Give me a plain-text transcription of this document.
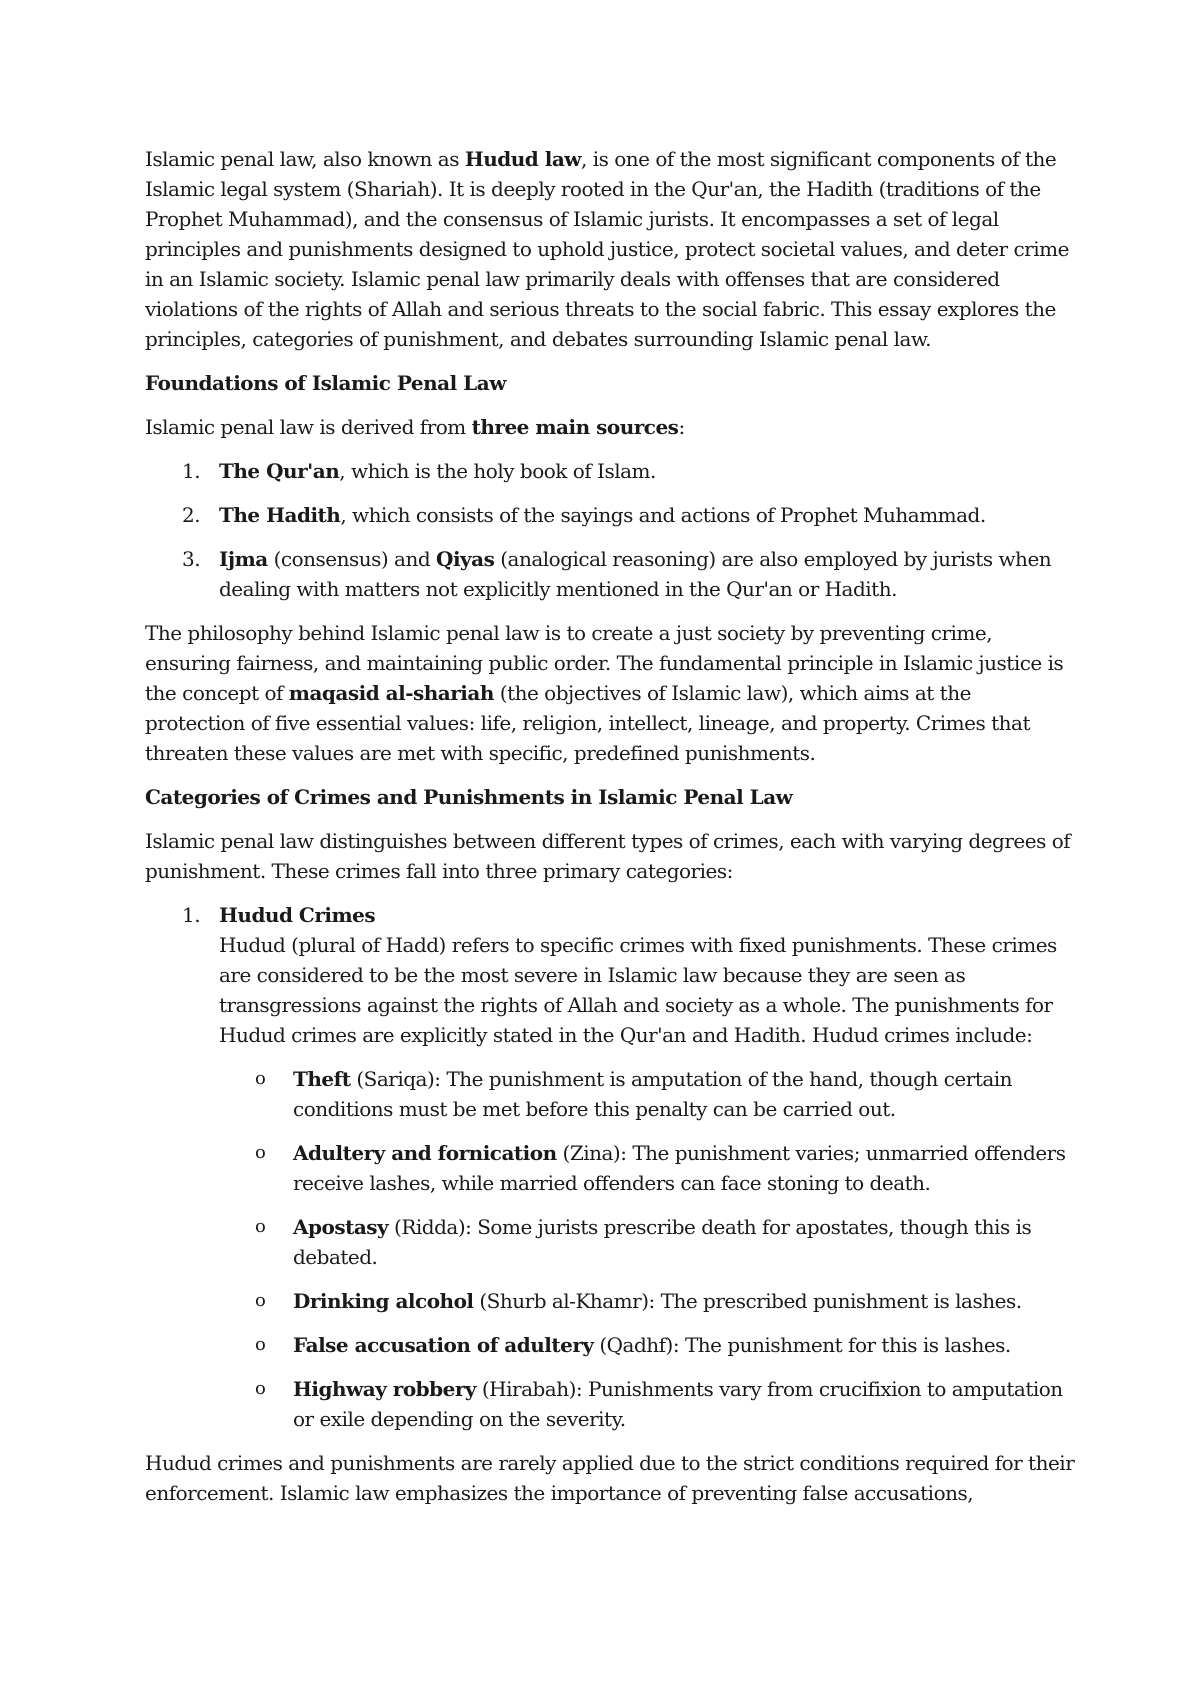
Islamic penal law, also known as Hudud law, is one of the most significant components of the Islamic legal system (Shariah). It is deeply rooted in the Qur'an, the Hadith (traditions of the Prophet Muhammad), and the consensus of Islamic jurists. It encompasses a set of legal principles and punishments designed to uphold justice, protect societal values, and deter crime in an Islamic society. Islamic penal law primarily deals with offenses that are considered violations of the rights of Allah and serious threats to the social fabric. This essay explores the principles, categories of punishment, and debates surrounding Islamic penal law.

Foundations of Islamic Penal Law

Islamic penal law is derived from three main sources:

1. The Qur'an, which is the holy book of Islam.
2. The Hadith, which consists of the sayings and actions of Prophet Muhammad.
3. Ijma (consensus) and Qiyas (analogical reasoning) are also employed by jurists when dealing with matters not explicitly mentioned in the Qur'an or Hadith.

The philosophy behind Islamic penal law is to create a just society by preventing crime, ensuring fairness, and maintaining public order. The fundamental principle in Islamic justice is the concept of maqasid al-shariah (the objectives of Islamic law), which aims at the protection of five essential values: life, religion, intellect, lineage, and property. Crimes that threaten these values are met with specific, predefined punishments.

Categories of Crimes and Punishments in Islamic Penal Law

Islamic penal law distinguishes between different types of crimes, each with varying degrees of punishment. These crimes fall into three primary categories:

1. Hudud Crimes
Hudud (plural of Hadd) refers to specific crimes with fixed punishments. These crimes are considered to be the most severe in Islamic law because they are seen as transgressions against the rights of Allah and society as a whole. The punishments for Hudud crimes are explicitly stated in the Qur'an and Hadith. Hudud crimes include:
o Theft (Sariqa): The punishment is amputation of the hand, though certain conditions must be met before this penalty can be carried out.
o Adultery and fornication (Zina): The punishment varies; unmarried offenders receive lashes, while married offenders can face stoning to death.
o Apostasy (Ridda): Some jurists prescribe death for apostates, though this is debated.
o Drinking alcohol (Shurb al-Khamr): The prescribed punishment is lashes.
o False accusation of adultery (Qadhf): The punishment for this is lashes.
o Highway robbery (Hirabah): Punishments vary from crucifixion to amputation or exile depending on the severity.

Hudud crimes and punishments are rarely applied due to the strict conditions required for their enforcement. Islamic law emphasizes the importance of preventing false accusations,
